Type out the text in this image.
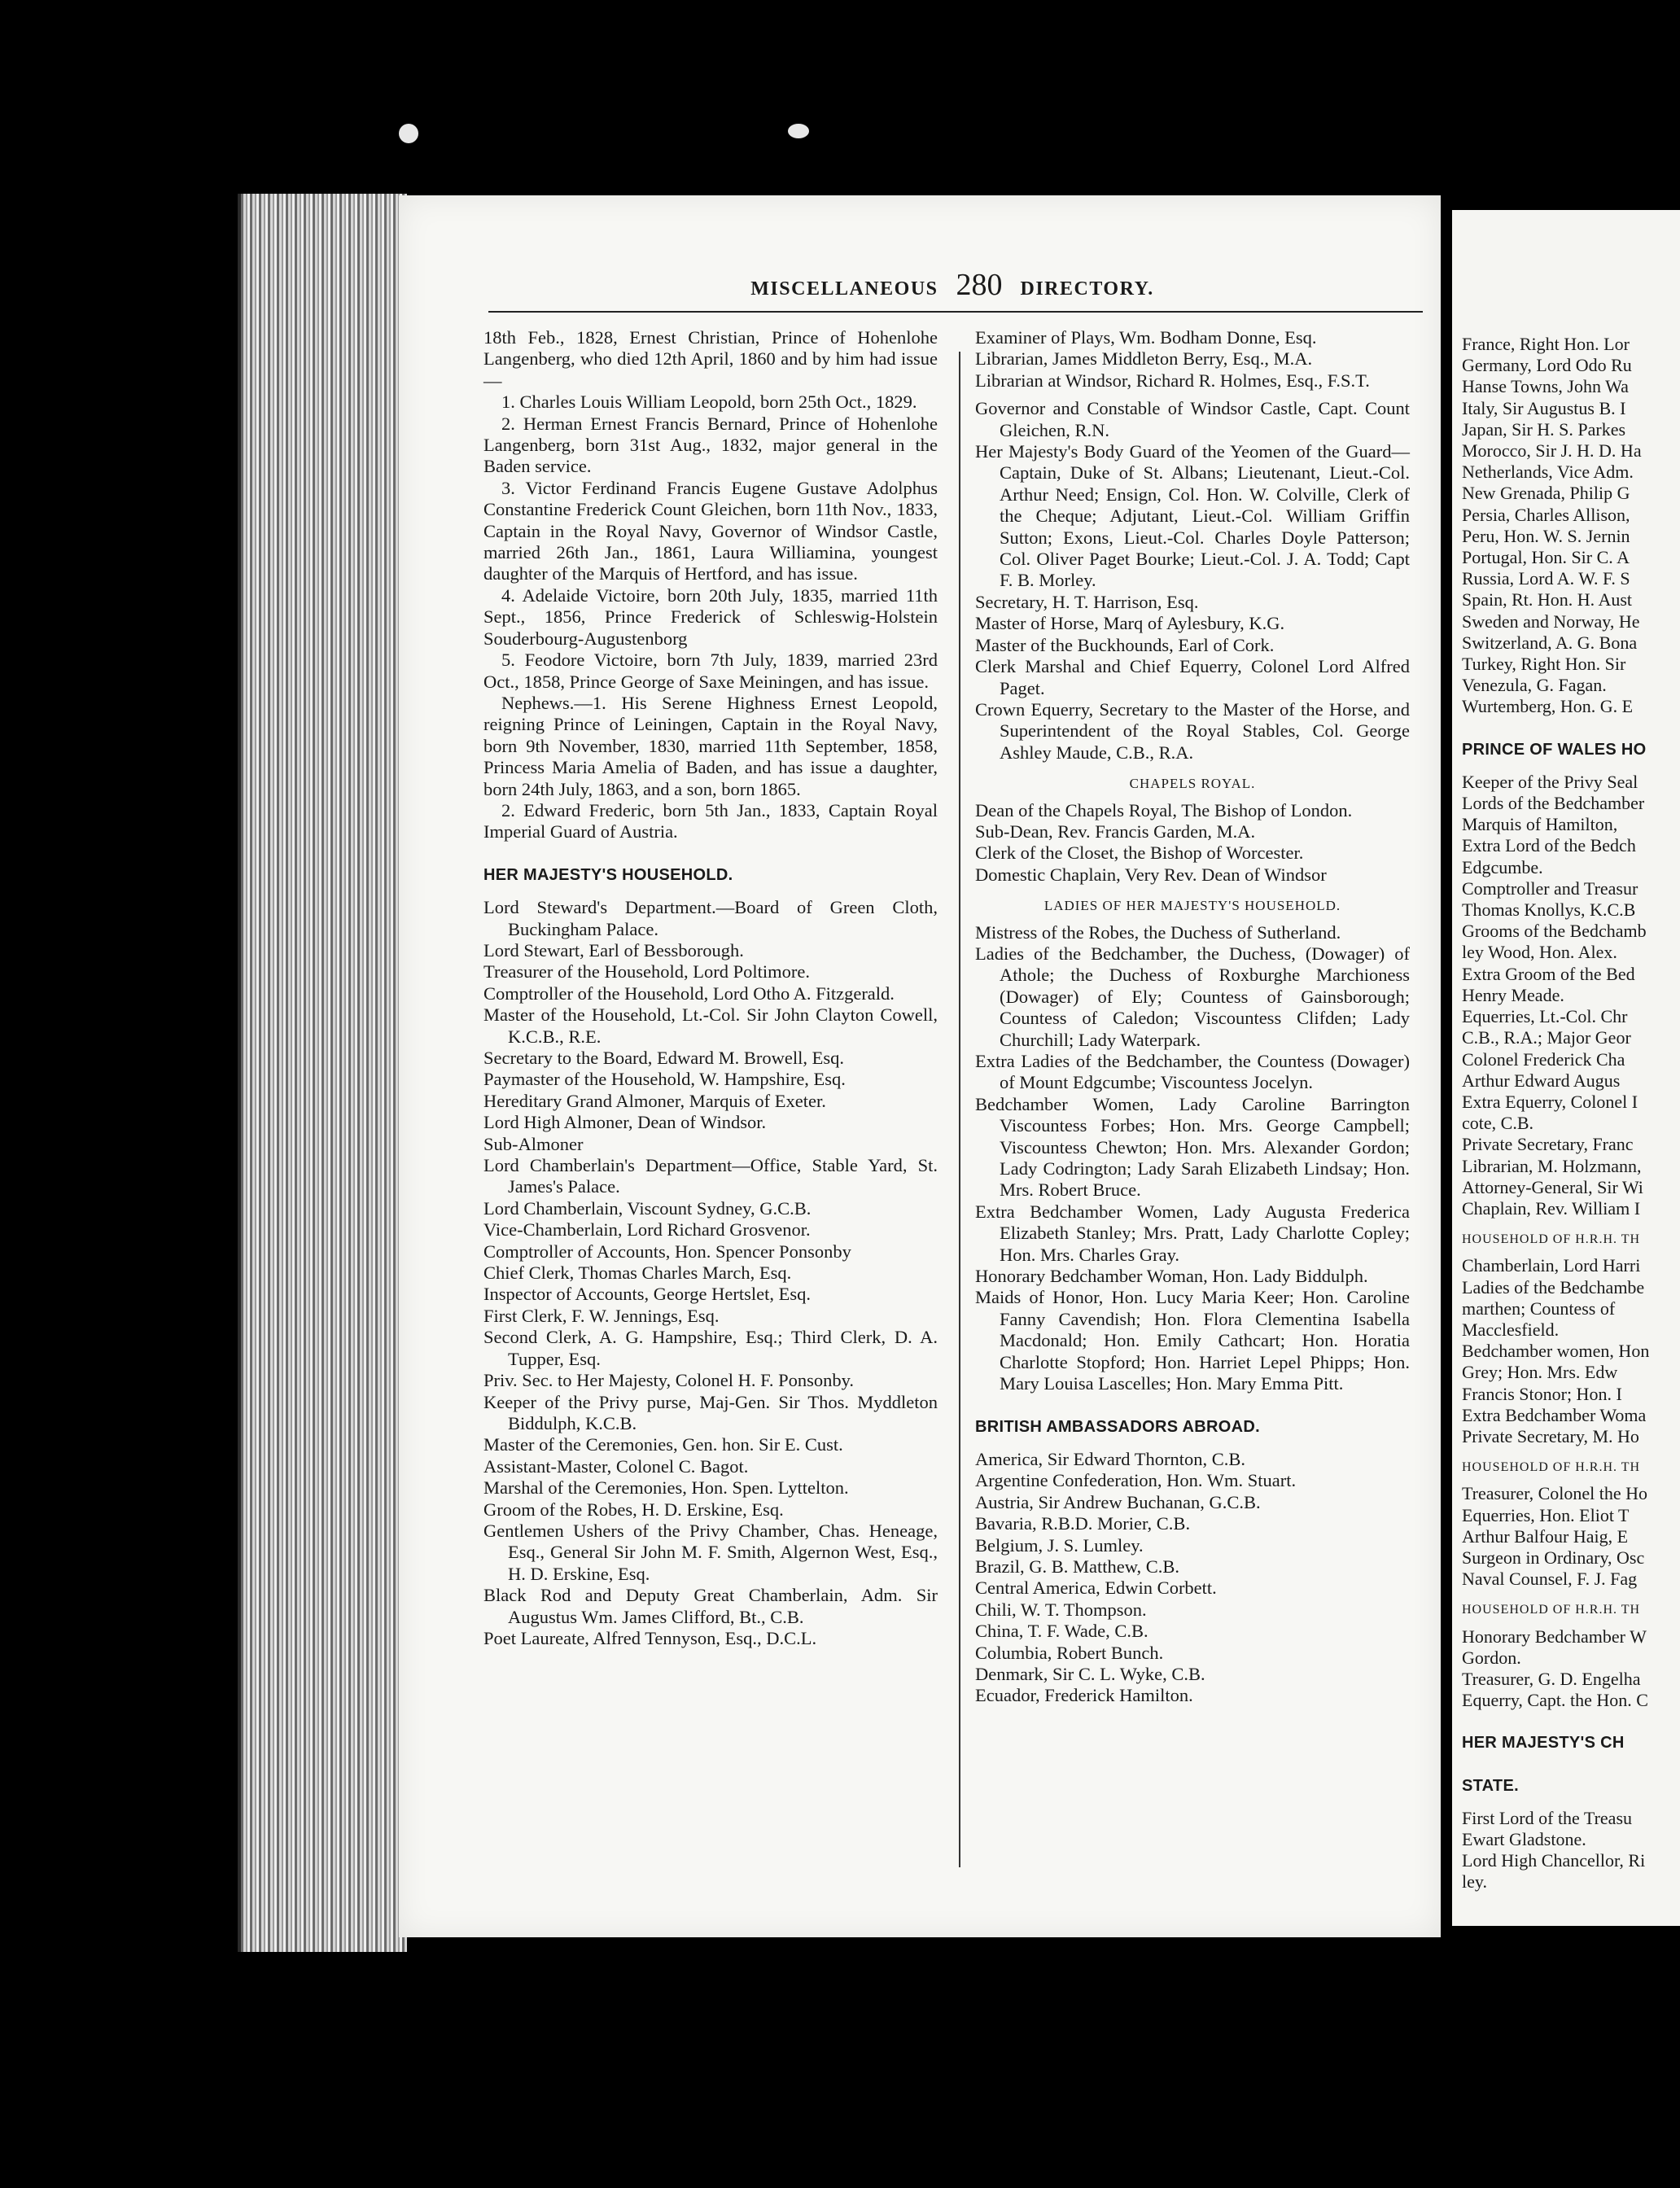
MISCELLANEOUS 280 DIRECTORY.

18th Feb., 1828, Ernest Christian, Prince of Hohenlohe Langenberg, who died 12th April, 1860 and by him had issue—

1. Charles Louis William Leopold, born 25th Oct., 1829.

2. Herman Ernest Francis Bernard, Prince of Hohenlohe Langenberg, born 31st Aug., 1832, major general in the Baden service.

3. Victor Ferdinand Francis Eugene Gustave Adolphus Constantine Frederick Count Gleichen, born 11th Nov., 1833, Captain in the Royal Navy, Governor of Windsor Castle, married 26th Jan., 1861, Laura Williamina, youngest daughter of the Marquis of Hertford, and has issue.

4. Adelaide Victoire, born 20th July, 1835, married 11th Sept., 1856, Prince Frederick of Schleswig-Holstein Souderbourg-Augustenborg

5. Feodore Victoire, born 7th July, 1839, married 23rd Oct., 1858, Prince George of Saxe Meiningen, and has issue.

Nephews.—1. His Serene Highness Ernest Leopold, reigning Prince of Leiningen, Captain in the Royal Navy, born 9th November, 1830, married 11th September, 1858, Princess Maria Amelia of Baden, and has issue a daughter, born 24th July, 1863, and a son, born 1865.

2. Edward Frederic, born 5th Jan., 1833, Captain Royal Imperial Guard of Austria.

HER MAJESTY'S HOUSEHOLD.

Lord Steward's Department.—Board of Green Cloth, Buckingham Palace.

Lord Stewart, Earl of Bessborough.

Treasurer of the Household, Lord Poltimore.

Comptroller of the Household, Lord Otho A. Fitzgerald.

Master of the Household, Lt.-Col. Sir John Clayton Cowell, K.C.B., R.E.

Secretary to the Board, Edward M. Browell, Esq.

Paymaster of the Household, W. Hampshire, Esq.

Hereditary Grand Almoner, Marquis of Exeter.

Lord High Almoner, Dean of Windsor.

Sub-Almoner

Lord Chamberlain's Department—Office, Stable Yard, St. James's Palace.

Lord Chamberlain, Viscount Sydney, G.C.B.

Vice-Chamberlain, Lord Richard Grosvenor.

Comptroller of Accounts, Hon. Spencer Ponsonby

Chief Clerk, Thomas Charles March, Esq.

Inspector of Accounts, George Hertslet, Esq.

First Clerk, F. W. Jennings, Esq.

Second Clerk, A. G. Hampshire, Esq.; Third Clerk, D. A. Tupper, Esq.

Priv. Sec. to Her Majesty, Colonel H. F. Ponsonby.

Keeper of the Privy purse, Maj-Gen. Sir Thos. Myddleton Biddulph, K.C.B.

Master of the Ceremonies, Gen. hon. Sir E. Cust.

Assistant-Master, Colonel C. Bagot.

Marshal of the Ceremonies, Hon. Spen. Lyttelton.

Groom of the Robes, H. D. Erskine, Esq.

Gentlemen Ushers of the Privy Chamber, Chas. Heneage, Esq., General Sir John M. F. Smith, Algernon West, Esq., H. D. Erskine, Esq.

Black Rod and Deputy Great Chamberlain, Adm. Sir Augustus Wm. James Clifford, Bt., C.B.

Poet Laureate, Alfred Tennyson, Esq., D.C.L.

Examiner of Plays, Wm. Bodham Donne, Esq.

Librarian, James Middleton Berry, Esq., M.A.

Librarian at Windsor, Richard R. Holmes, Esq., F.S.T.

Governor and Constable of Windsor Castle, Capt. Count Gleichen, R.N.

Her Majesty's Body Guard of the Yeomen of the Guard—Captain, Duke of St. Albans; Lieutenant, Lieut.-Col. Arthur Need; Ensign, Col. Hon. W. Colville, Clerk of the Cheque; Adjutant, Lieut.-Col. William Griffin Sutton; Exons, Lieut.-Col. Charles Doyle Patterson; Col. Oliver Paget Bourke; Lieut.-Col. J. A. Todd; Capt F. B. Morley.

Secretary, H. T. Harrison, Esq.

Master of Horse, Marq of Aylesbury, K.G.

Master of the Buckhounds, Earl of Cork.

Clerk Marshal and Chief Equerry, Colonel Lord Alfred Paget.

Crown Equerry, Secretary to the Master of the Horse, and Superintendent of the Royal Stables, Col. George Ashley Maude, C.B., R.A.

CHAPELS ROYAL.

Dean of the Chapels Royal, The Bishop of London.

Sub-Dean, Rev. Francis Garden, M.A.

Clerk of the Closet, the Bishop of Worcester.

Domestic Chaplain, Very Rev. Dean of Windsor

LADIES OF HER MAJESTY'S HOUSEHOLD.

Mistress of the Robes, the Duchess of Sutherland.

Ladies of the Bedchamber, the Duchess, (Dowager) of Athole; the Duchess of Roxburghe Marchioness (Dowager) of Ely; Countess of Gainsborough; Countess of Caledon; Viscountess Clifden; Lady Churchill; Lady Waterpark.

Extra Ladies of the Bedchamber, the Countess (Dowager) of Mount Edgcumbe; Viscountess Jocelyn.

Bedchamber Women, Lady Caroline Barrington Viscountess Forbes; Hon. Mrs. George Campbell; Viscountess Chewton; Hon. Mrs. Alexander Gordon; Lady Codrington; Lady Sarah Elizabeth Lindsay; Hon. Mrs. Robert Bruce.

Extra Bedchamber Women, Lady Augusta Frederica Elizabeth Stanley; Mrs. Pratt, Lady Charlotte Copley; Hon. Mrs. Charles Gray.

Honorary Bedchamber Woman, Hon. Lady Biddulph.

Maids of Honor, Hon. Lucy Maria Keer; Hon. Caroline Fanny Cavendish; Hon. Flora Clementina Isabella Macdonald; Hon. Emily Cathcart; Hon. Horatia Charlotte Stopford; Hon. Harriet Lepel Phipps; Hon. Mary Louisa Lascelles; Hon. Mary Emma Pitt.

BRITISH AMBASSADORS ABROAD.

America, Sir Edward Thornton, C.B.

Argentine Confederation, Hon. Wm. Stuart.

Austria, Sir Andrew Buchanan, G.C.B.

Bavaria, R.B.D. Morier, C.B.

Belgium, J. S. Lumley.

Brazil, G. B. Matthew, C.B.

Central America, Edwin Corbett.

Chili, W. T. Thompson.

China, T. F. Wade, C.B.

Columbia, Robert Bunch.

Denmark, Sir C. L. Wyke, C.B.

Ecuador, Frederick Hamilton.

France, Right Hon. Lor

Germany, Lord Odo Ru

Hanse Towns, John Wa

Italy, Sir Augustus B. I

Japan, Sir H. S. Parkes

Morocco, Sir J. H. D. Ha

Netherlands, Vice Adm.

New Grenada, Philip G

Persia, Charles Allison,

Peru, Hon. W. S. Jernin

Portugal, Hon. Sir C. A

Russia, Lord A. W. F. S

Spain, Rt. Hon. H. Aust

Sweden and Norway, He

Switzerland, A. G. Bona

Turkey, Right Hon. Sir

Venezula, G. Fagan.

Wurtemberg, Hon. G. E

PRINCE OF WALES HO

Keeper of the Privy Seal

Lords of the Bedchamber

Marquis of Hamilton,

Extra Lord of the Bedch

Edgcumbe.

Comptroller and Treasur

Thomas Knollys, K.C.B

Grooms of the Bedchamb

ley Wood, Hon. Alex.

Extra Groom of the Bed

Henry Meade.

Equerries, Lt.-Col. Chr

C.B., R.A.; Major Geor

Colonel Frederick Cha

Arthur Edward Augus

Extra Equerry, Colonel I

cote, C.B.

Private Secretary, Franc

Librarian, M. Holzmann,

Attorney-General, Sir Wi

Chaplain, Rev. William I

HOUSEHOLD OF H.R.H. TH

Chamberlain, Lord Harri

Ladies of the Bedchambe

marthen; Countess of

Macclesfield.

Bedchamber women, Hon

Grey; Hon. Mrs. Edw

Francis Stonor; Hon. I

Extra Bedchamber Woma

Private Secretary, M. Ho

HOUSEHOLD OF H.R.H. TH

Treasurer, Colonel the Ho

Equerries, Hon. Eliot T

Arthur Balfour Haig, E

Surgeon in Ordinary, Osc

Naval Counsel, F. J. Fag

HOUSEHOLD OF H.R.H. TH

Honorary Bedchamber W

Gordon.

Treasurer, G. D. Engelha

Equerry, Capt. the Hon. C

HER MAJESTY'S CH

STATE.

First Lord of the Treasu

Ewart Gladstone.

Lord High Chancellor, Ri

ley.
